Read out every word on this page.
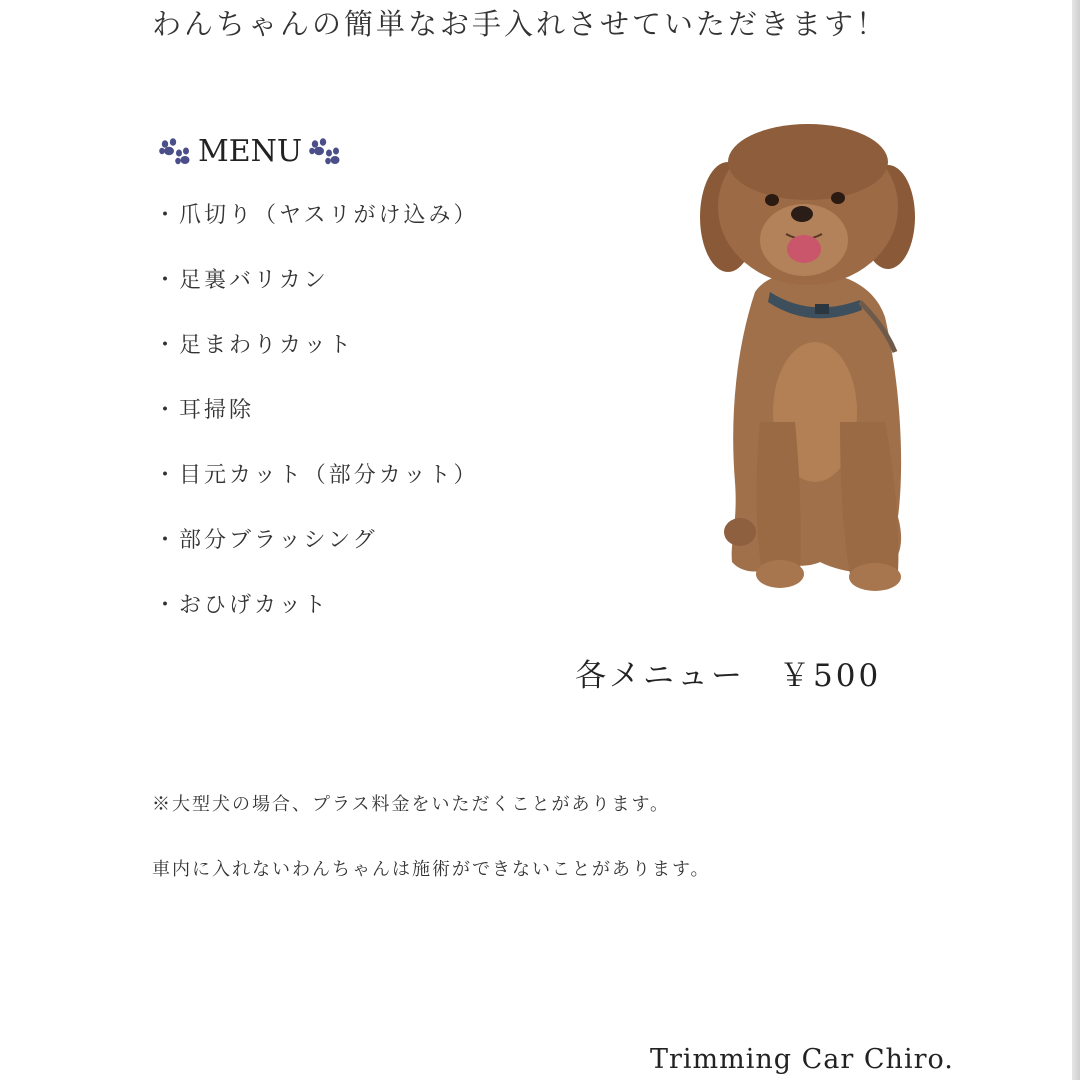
わんちゃんの簡単なお手入れさせていただきます！
MENU
・爪切り（ヤスリがけ込み）
・足裏バリカン
・足まわりカット
・耳掃除
・目元カット（部分カット）
・部分ブラッシング
・おひげカット
各メニュー　￥500
※大型犬の場合、プラス料金をいただくことがあります。
車内に入れないわんちゃんは施術ができないことがあります。
Trimming Car Chiro.
